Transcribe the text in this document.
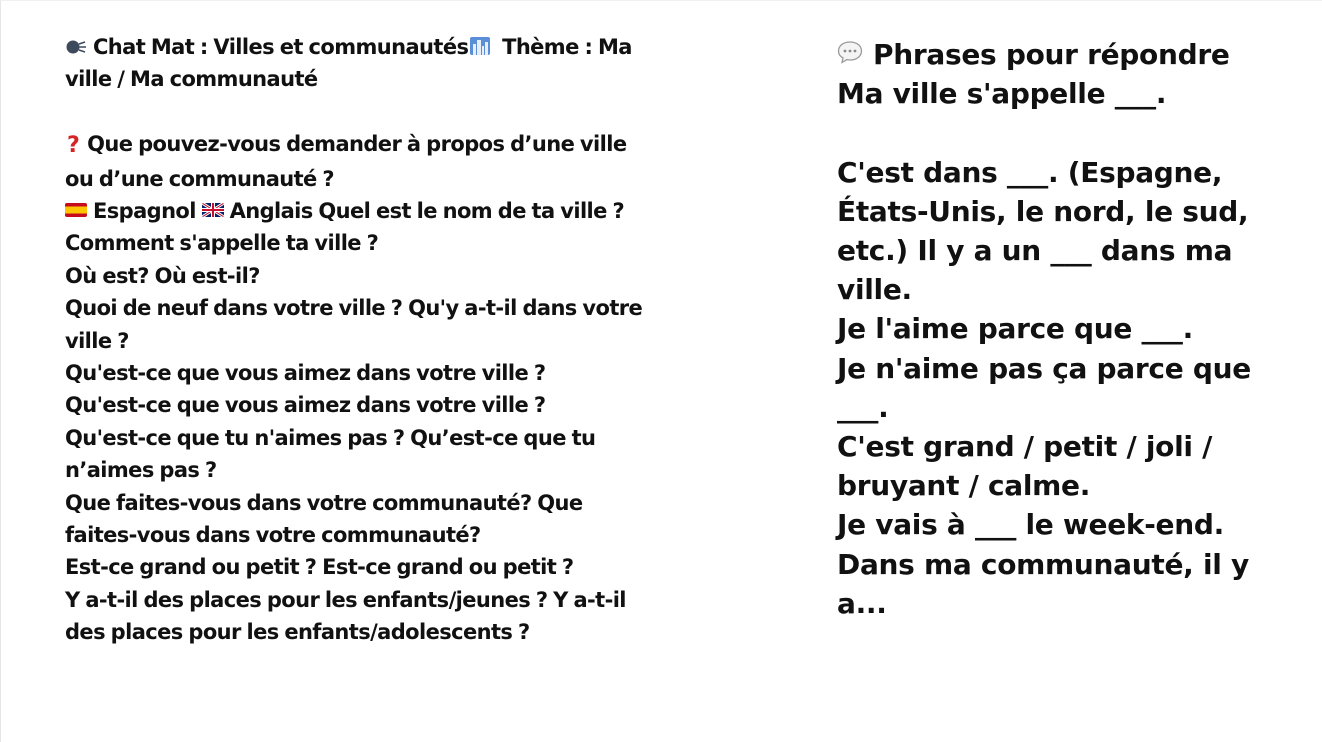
Chat Mat : Villes et communautés Thème : Ma ville / Ma communauté
? Que pouvez-vous demander à propos d’une ville ou d’une communauté ?
Espagnol Anglais Quel est le nom de ta ville ? Comment s'appelle ta ville ?
Où est? Où est-il?
Quoi de neuf dans votre ville ? Qu'y a-t-il dans votre ville ?
Qu'est-ce que vous aimez dans votre ville ?
Qu'est-ce que vous aimez dans votre ville ?
Qu'est-ce que tu n'aimes pas ? Qu’est-ce que tu n’aimes pas ?
Que faites-vous dans votre communauté? Que faites-vous dans votre communauté?
Est-ce grand ou petit ? Est-ce grand ou petit ?
Y a-t-il des places pour les enfants/jeunes ? Y a-t-il des places pour les enfants/adolescents ?
Phrases pour répondre
Ma ville s'appelle ___.
C'est dans ___. (Espagne, États-Unis, le nord, le sud, etc.) Il y a un ___ dans ma ville.
Je l'aime parce que ___.
Je n'aime pas ça parce que ___.
C'est grand / petit / joli / bruyant / calme.
Je vais à ___ le week-end.
Dans ma communauté, il y a...
